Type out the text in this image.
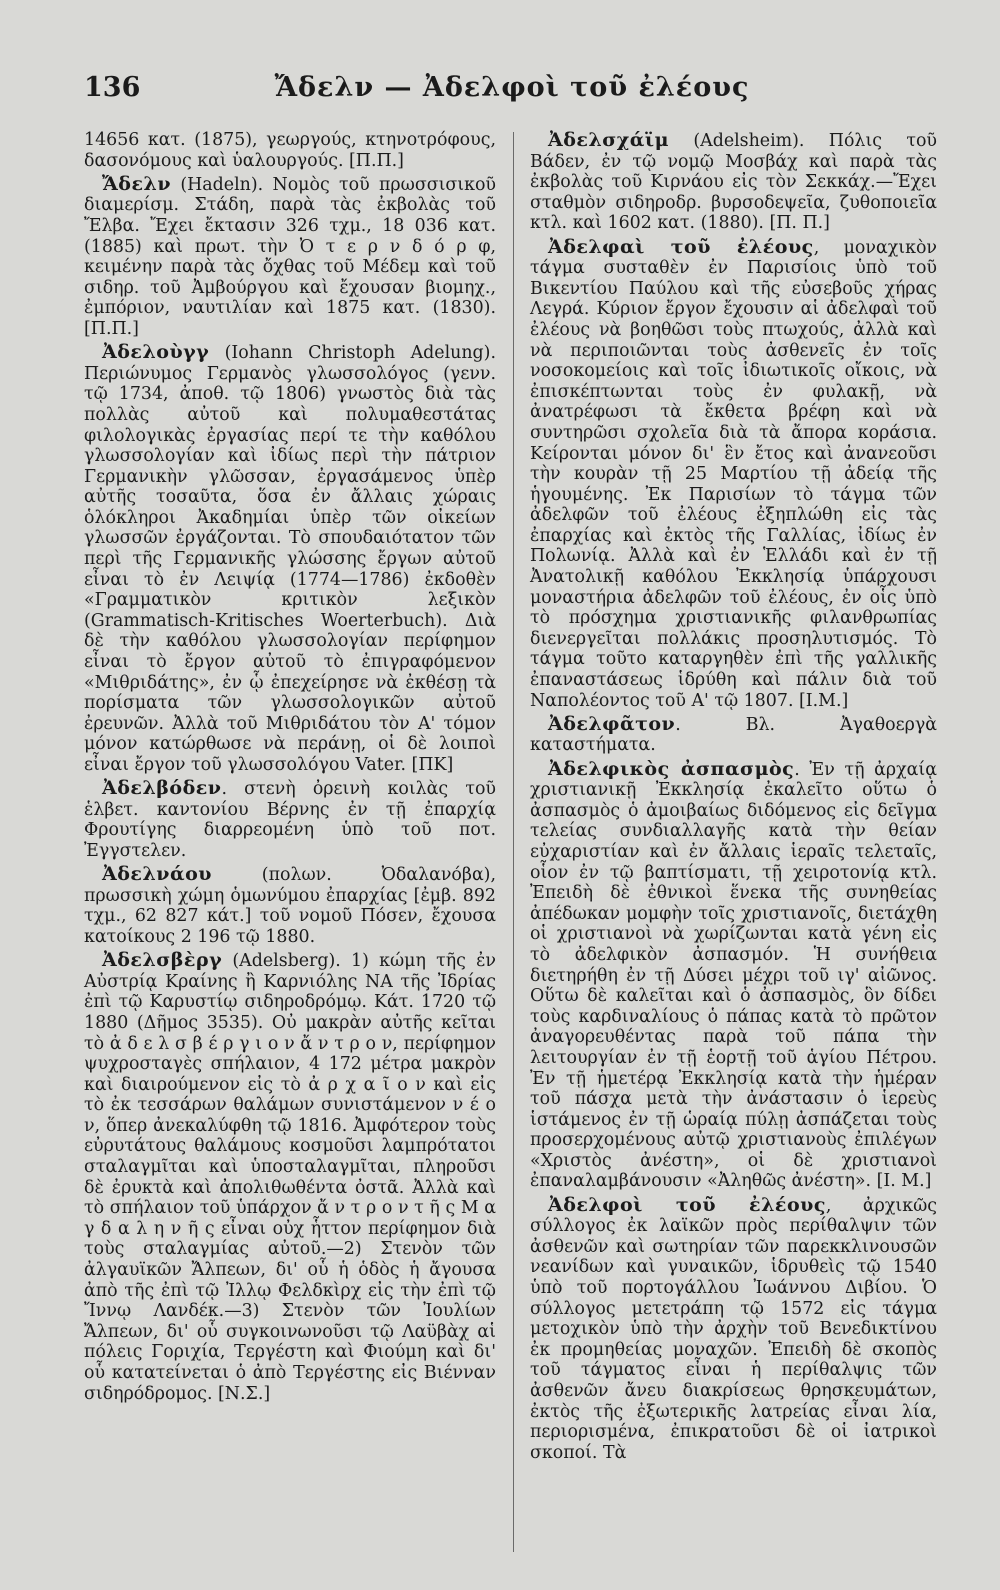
136	Ἄδελν — Ἀδελφοὶ τοῦ ἐλέους

14656 κατ. (1875), γεωργούς, κτηνοτρόφους, δασονόμους καὶ ὑαλουργούς. [Π.Π.]

Ἄδελν (Hadeln). Νομὸς τοῦ πρωσσισικοῦ διαμερίσμ. Στάδη, παρὰ τὰς ἐκβολὰς τοῦ Ἔλβα. Ἔχει ἔκτασιν 326 τχμ., 18 036 κατ. (1885) καὶ πρωτ. τὴν Ὀ τ ε ρ ν δ ό ρ φ, κειμένην παρὰ τὰς ὄχθας τοῦ Μέδεμ καὶ τοῦ σιδηρ. τοῦ Ἀμβούργου καὶ ἔχουσαν βιομηχ., ἐμπόριον, ναυτιλίαν καὶ 1875 κατ. (1830). [Π.Π.]

Ἀδελοὺγγ (Iohann Christoph Adelung). Περιώνυμος Γερμανὸς γλωσσολόγος (γενν. τῷ 1734, ἀποθ. τῷ 1806) γνωστὸς διὰ τὰς πολλὰς αὐτοῦ καὶ πολυμαθεστάτας φιλολογικὰς ἐργασίας περί τε τὴν καθόλου γλωσσολογίαν καὶ ἰδίως περὶ τὴν πάτριον Γερμανικὴν γλῶσσαν, ἐργασάμενος ὑπὲρ αὐτῆς τοσαῦτα, ὅσα ἐν ἄλλαις χώραις ὁλόκληροι Ἀκαδημίαι ὑπὲρ τῶν οἰκείων γλωσσῶν ἐργάζονται. Τὸ σπουδαιότατον τῶν περὶ τῆς Γερμανικῆς γλώσσης ἔργων αὐτοῦ εἶναι τὸ ἐν Λειψίᾳ (1774—1786) ἐκδοθὲν «Γραμματικὸν κριτικὸν λεξικὸν (Grammatisch-Kritisches Woerterbuch). Διὰ δὲ τὴν καθόλου γλωσσολογίαν περίφημον εἶναι τὸ ἔργον αὐτοῦ τὸ ἐπιγραφόμενον «Μιθριδάτης», ἐν ᾧ ἐπεχείρησε νὰ ἐκθέσῃ τὰ πορίσματα τῶν γλωσσολογικῶν αὐτοῦ ἐρευνῶν. Ἀλλὰ τοῦ Μιθριδάτου τὸν Α' τόμον μόνον κατώρθωσε νὰ περάνῃ, οἱ δὲ λοιποὶ εἶναι ἔργον τοῦ γλωσσολόγου Vater. [ΠΚ]

Ἀδελβόδεν. στενὴ ὀρεινὴ κοιλὰς τοῦ ἑλβετ. καντονίου Βέρνης ἐν τῇ ἐπαρχίᾳ Φρουτίγης διαρρεομένη ὑπὸ τοῦ ποτ. Ἐγγστελεν.

Ἀδελνάου (πολων. Ὀδαλανόβα), πρωσσικὴ χώμη ὁμωνύμου ἐπαρχίας [ἐμβ. 892 τχμ., 62 827 κάτ.] τοῦ νομοῦ Πόσεν, ἔχουσα κατοίκους 2 196 τῷ 1880.

Ἀδελσβὲργ (Adelsberg). 1) κώμη τῆς ἐν Αὐστρίᾳ Κραίνης ἢ Καρνιόλης ΝΑ τῆς Ἰδρίας ἐπὶ τῷ Καρυστίῳ σιδηροδρόμῳ. Κάτ. 1720 τῷ 1880 (Δῆμος 3535). Οὐ μακρὰν αὐτῆς κεῖται τὸ ἀ δ ε λ σ β έ ρ γ ι ο ν ἄ ν τ ρ ο ν, περίφημον ψυχροσταγὲς σπήλαιον, 4 172 μέτρα μακρὸν καὶ διαιρούμενον εἰς τὸ ἀ ρ χ α ῖ ο ν καὶ εἰς τὸ ἐκ τεσσάρων θαλάμων συνιστάμενον ν έ ο ν, ὅπερ ἀνεκαλύφθη τῷ 1816. Ἀμφότερον τοὺς εὐρυτάτους θαλάμους κοσμοῦσι λαμπρότατοι σταλαγμῖται καὶ ὑποσταλαγμῖται, πληροῦσι δὲ ἐρυκτὰ καὶ ἀπολιθωθέντα ὀστᾶ. Ἀλλὰ καὶ τὸ σπήλαιον τοῦ ὑπάρχον ἄ ν τ ρ ο ν τ ῆ ς Μ α γ δ α λ η ν ῆ ς εἶναι οὐχ ἧττον περίφημον διὰ τοὺς σταλαγμίας αὐτοῦ.—2) Στενὸν τῶν ἀλγαυϊκῶν Ἄλπεων, δι' οὗ ἡ ὁδὸς ἡ ἄγουσα ἀπὸ τῆς ἐπὶ τῷ Ἰλλῳ Φελδκὶρχ εἰς τὴν ἐπὶ τῷ Ἴννῳ Λανδέκ.—3) Στενὸν τῶν Ἰουλίων Ἄλπεων, δι' οὗ συγκοινωνοῦσι τῷ Λαϋβὰχ αἱ πόλεις Γοριχία, Τεργέστη καὶ Φιούμη καὶ δι' οὗ κατατείνεται ὁ ἀπὸ Τεργέστης εἰς Βιένναν σιδηρόδρομος. [Ν.Σ.]

Ἀδελσχάϊμ (Adelsheim). Πόλις τοῦ Βάδεν, ἐν τῷ νομῷ Μοσβάχ καὶ παρὰ τὰς ἐκβολὰς τοῦ Κιρνάου εἰς τὸν Σεκκάχ.—Ἔχει σταθμὸν σιδηροδρ. βυρσοδεψεῖα, ζυθοποιεῖα κτλ. καὶ 1602 κατ. (1880). [Π. Π.]

Ἀδελφαὶ τοῦ ἐλέους, μοναχικὸν τάγμα συσταθὲν ἐν Παρισίοις ὑπὸ τοῦ Βικεντίου Παύλου καὶ τῆς εὐσεβοῦς χήρας Λεγρά. Κύριον ἔργον ἔχουσιν αἱ ἀδελφαὶ τοῦ ἐλέους νὰ βοηθῶσι τοὺς πτωχούς, ἀλλὰ καὶ νὰ περιποιῶνται τοὺς ἀσθενεῖς ἐν τοῖς νοσοκομείοις καὶ τοῖς ἰδιωτικοῖς οἴκοις, νὰ ἐπισκέπτωνται τοὺς ἐν φυλακῇ, νὰ ἀνατρέφωσι τὰ ἔκθετα βρέφη καὶ νὰ συντηρῶσι σχολεῖα διὰ τὰ ἄπορα κοράσια. Κείρονται μόνον δι' ἓν ἔτος καὶ ἀνανεοῦσι τὴν κουρὰν τῇ 25 Μαρτίου τῇ ἀδείᾳ τῆς ἡγουμένης. Ἐκ Παρισίων τὸ τάγμα τῶν ἀδελφῶν τοῦ ἐλέους ἐξηπλώθη εἰς τὰς ἐπαρχίας καὶ ἐκτὸς τῆς Γαλλίας, ἰδίως ἐν Πολωνίᾳ. Ἀλλὰ καὶ ἐν Ἑλλάδι καὶ ἐν τῇ Ἀνατολικῇ καθόλου Ἐκκλησίᾳ ὑπάρχουσι μοναστήρια ἀδελφῶν τοῦ ἐλέους, ἐν οἷς ὑπὸ τὸ πρόσχημα χριστιανικῆς φιλανθρωπίας διενεργεῖται πολλάκις προσηλυτισμός. Τὸ τάγμα τοῦτο καταργηθὲν ἐπὶ τῆς γαλλικῆς ἐπαναστάσεως ἱδρύθη καὶ πάλιν διὰ τοῦ Ναπολέοντος τοῦ Α' τῷ 1807. [Ι.Μ.]

Ἀδελφᾶτον. Βλ. Ἀγαθοεργὰ καταστήματα.

Ἀδελφικὸς ἀσπασμὸς. Ἐν τῇ ἀρχαίᾳ χριστιανικῇ Ἐκκλησίᾳ ἐκαλεῖτο οὕτω ὁ ἀσπασμὸς ὁ ἀμοιβαίως διδόμενος εἰς δεῖγμα τελείας συνδιαλλαγῆς κατὰ τὴν θείαν εὐχαριστίαν καὶ ἐν ἄλλαις ἱεραῖς τελεταῖς, οἷον ἐν τῷ βαπτίσματι, τῇ χειροτονίᾳ κτλ. Ἐπειδὴ δὲ ἐθνικοὶ ἕνεκα τῆς συνηθείας ἀπέδωκαν μομφὴν τοῖς χριστιανοῖς, διετάχθη οἱ χριστιανοὶ νὰ χωρίζωνται κατὰ γένη εἰς τὸ ἀδελφικὸν ἀσπασμόν. Ἡ συνήθεια διετηρήθη ἐν τῇ Δύσει μέχρι τοῦ ιγ' αἰῶνος. Οὕτω δὲ καλεῖται καὶ ὁ ἀσπασμὸς, ὃν δίδει τοὺς καρδιναλίους ὁ πάπας κατὰ τὸ πρῶτον ἀναγορευθέντας παρὰ τοῦ πάπα τὴν λειτουργίαν ἐν τῇ ἑορτῇ τοῦ ἁγίου Πέτρου. Ἐν τῇ ἡμετέρᾳ Ἐκκλησίᾳ κατὰ τὴν ἡμέραν τοῦ πάσχα μετὰ τὴν ἀνάστασιν ὁ ἱερεὺς ἱστάμενος ἐν τῇ ὡραίᾳ πύλῃ ἀσπάζεται τοὺς προσερχομένους αὐτῷ χριστιανοὺς ἐπιλέγων «Χριστὸς ἀνέστη», οἱ δὲ χριστιανοὶ ἐπαναλαμβάνουσιν «Ἀληθῶς ἀνέστη». [Ι. Μ.]

Ἀδελφοὶ τοῦ ἐλέους, ἀρχικῶς σύλλογος ἐκ λαϊκῶν πρὸς περίθαλψιν τῶν ἀσθενῶν καὶ σωτηρίαν τῶν παρεκκλινουσῶν νεανίδων καὶ γυναικῶν, ἱδρυθεὶς τῷ 1540 ὑπὸ τοῦ πορτογάλλου Ἰωάννου Διβίου. Ὁ σύλλογος μετετράπη τῷ 1572 εἰς τάγμα μετοχικὸν ὑπὸ τὴν ἀρχὴν τοῦ Βενεδικτίνου ἐκ προμηθείας μοναχῶν. Ἐπειδὴ δὲ σκοπὸς τοῦ τάγματος εἶναι ἡ περίθαλψις τῶν ἀσθενῶν ἄνευ διακρίσεως θρησκευμάτων, ἐκτὸς τῆς ἐξωτερικῆς λατρείας εἶναι λία, περιορισμένα, ἐπικρατοῦσι δὲ οἱ ἰατρικοὶ σκοποί. Τὰ
